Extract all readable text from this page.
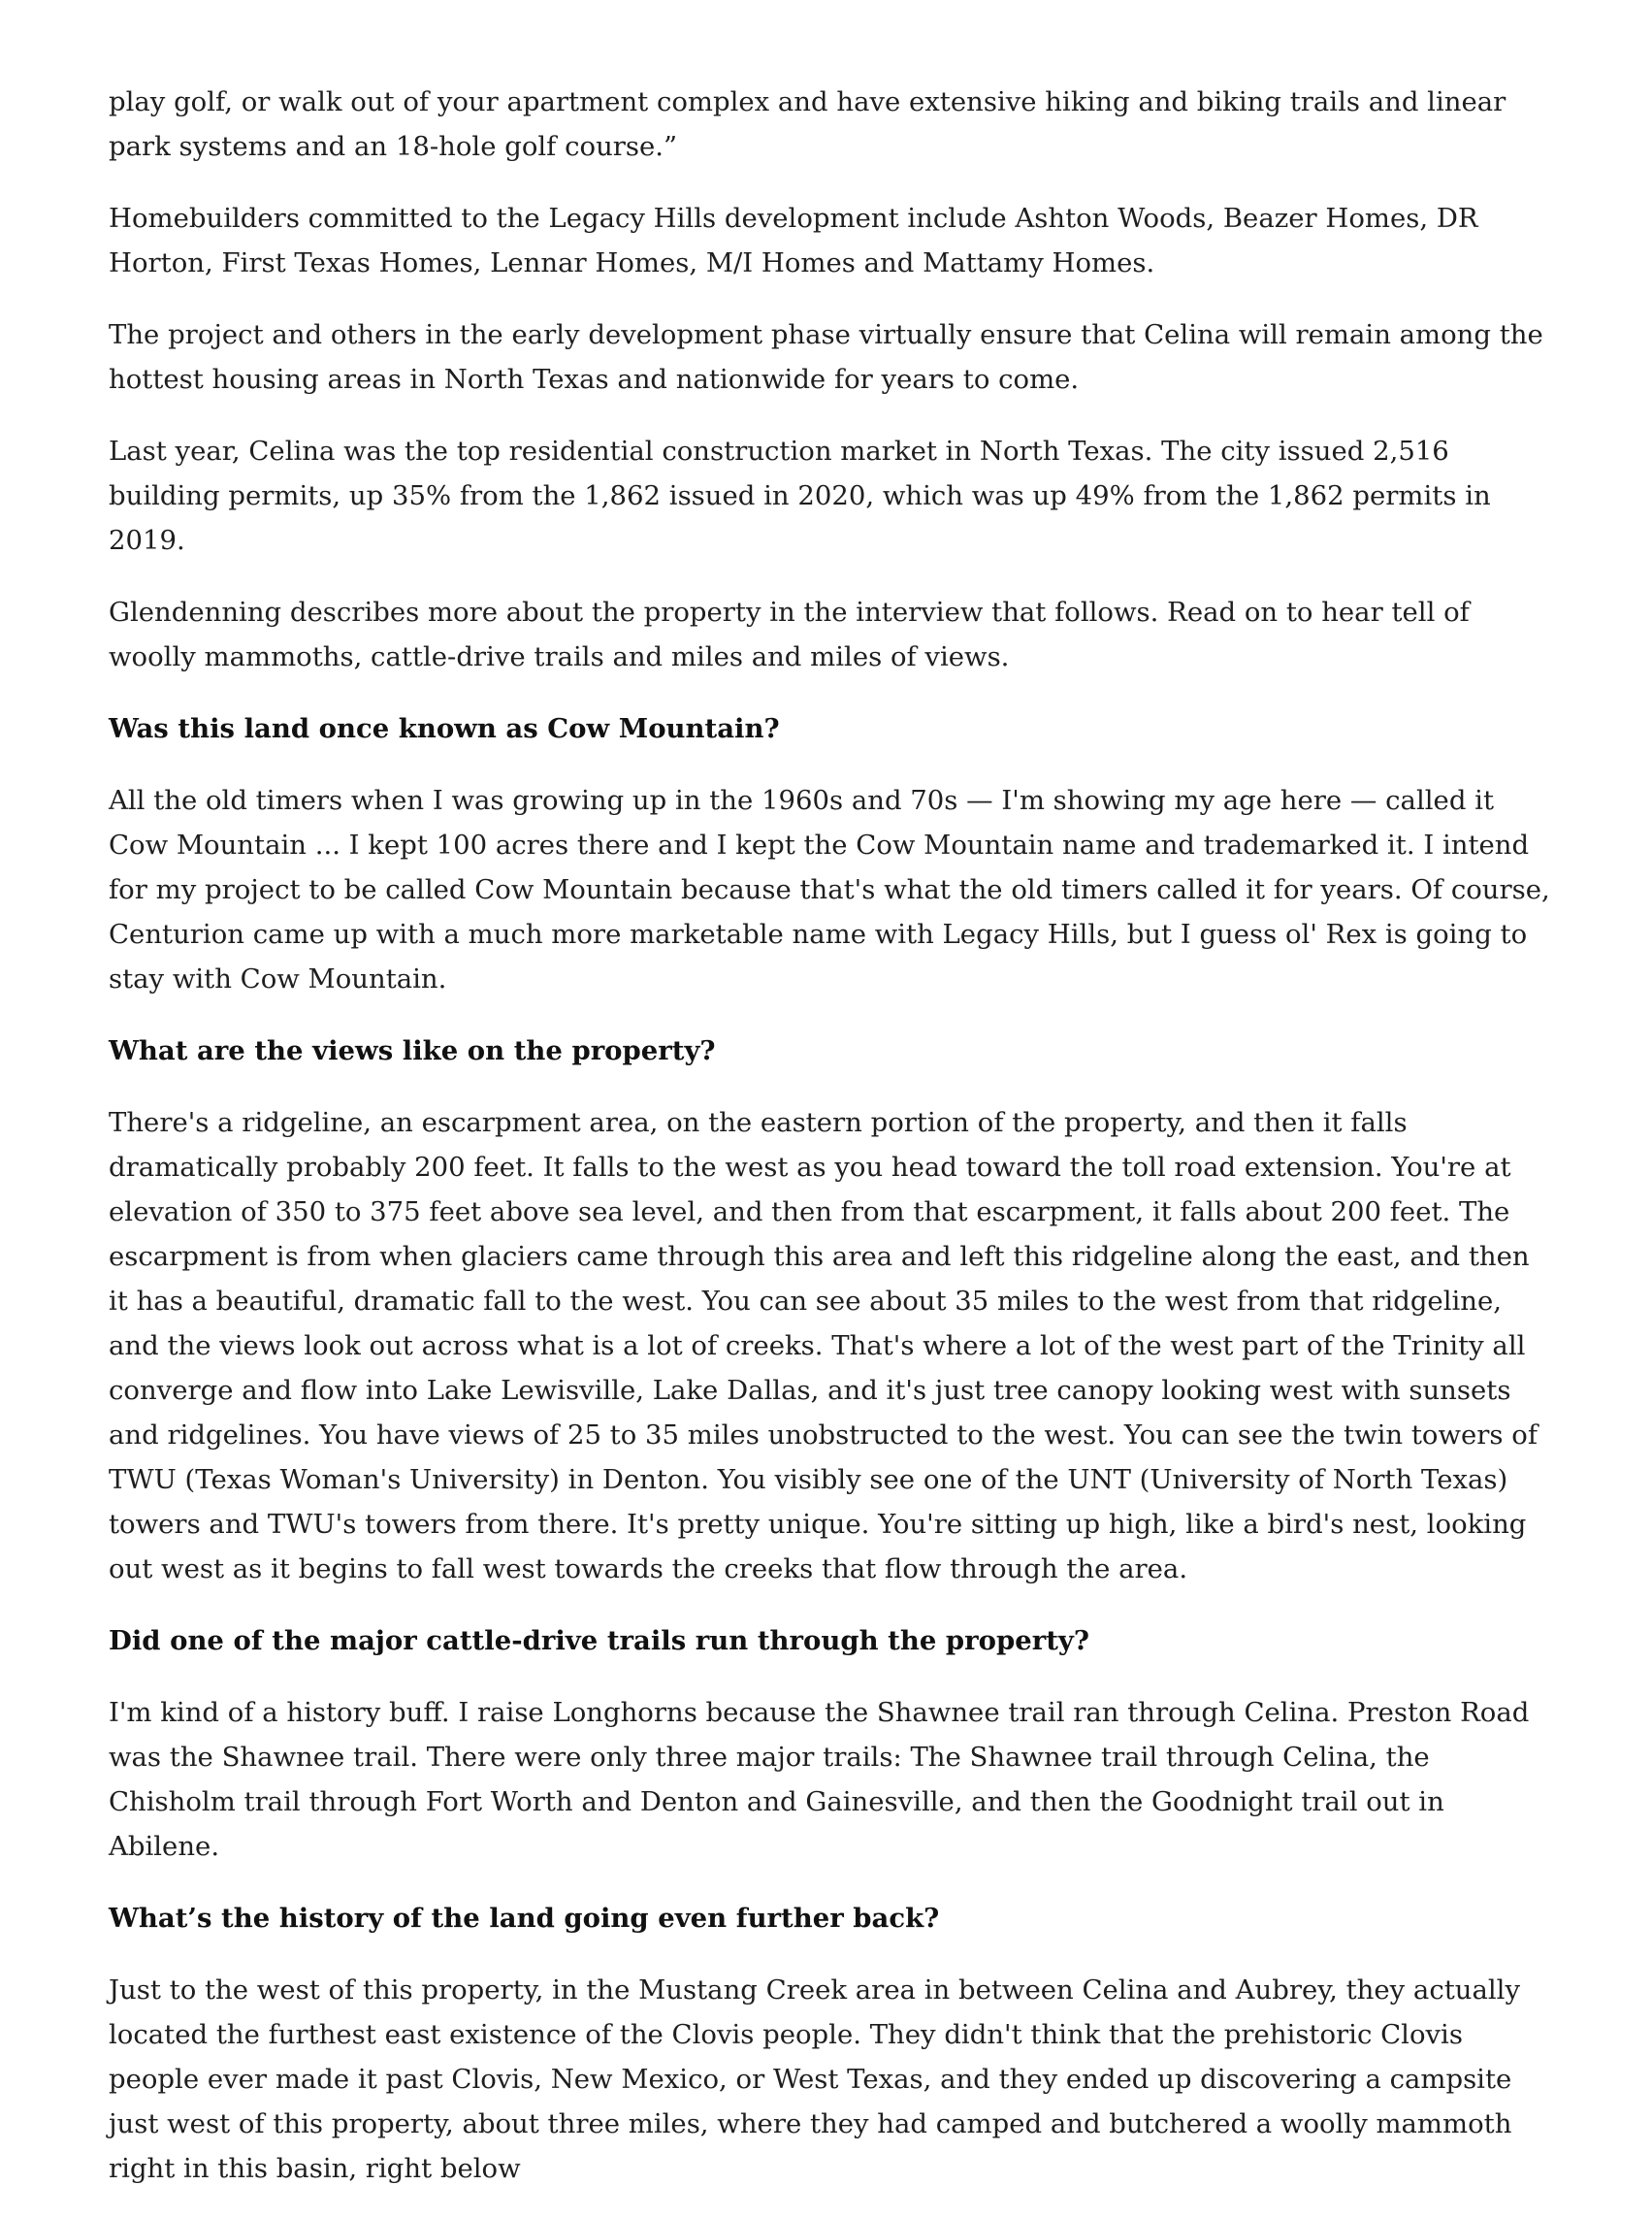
play golf, or walk out of your apartment complex and have extensive hiking and biking trails and linear park systems and an 18-hole golf course.”

Homebuilders committed to the Legacy Hills development include Ashton Woods, Beazer Homes, DR Horton, First Texas Homes, Lennar Homes, M/I Homes and Mattamy Homes.

The project and others in the early development phase virtually ensure that Celina will remain among the hottest housing areas in North Texas and nationwide for years to come.

Last year, Celina was the top residential construction market in North Texas. The city issued 2,516 building permits, up 35% from the 1,862 issued in 2020, which was up 49% from the 1,862 permits in 2019.

Glendenning describes more about the property in the interview that follows. Read on to hear tell of woolly mammoths, cattle-drive trails and miles and miles of views.

Was this land once known as Cow Mountain?

All the old timers when I was growing up in the 1960s and 70s — I'm showing my age here — called it Cow Mountain ... I kept 100 acres there and I kept the Cow Mountain name and trademarked it. I intend for my project to be called Cow Mountain because that's what the old timers called it for years. Of course, Centurion came up with a much more marketable name with Legacy Hills, but I guess ol' Rex is going to stay with Cow Mountain.

What are the views like on the property?

There's a ridgeline, an escarpment area, on the eastern portion of the property, and then it falls dramatically probably 200 feet. It falls to the west as you head toward the toll road extension. You're at elevation of 350 to 375 feet above sea level, and then from that escarpment, it falls about 200 feet. The escarpment is from when glaciers came through this area and left this ridgeline along the east, and then it has a beautiful, dramatic fall to the west. You can see about 35 miles to the west from that ridgeline, and the views look out across what is a lot of creeks. That's where a lot of the west part of the Trinity all converge and flow into Lake Lewisville, Lake Dallas, and it's just tree canopy looking west with sunsets and ridgelines. You have views of 25 to 35 miles unobstructed to the west. You can see the twin towers of TWU (Texas Woman's University) in Denton. You visibly see one of the UNT (University of North Texas) towers and TWU's towers from there. It's pretty unique. You're sitting up high, like a bird's nest, looking out west as it begins to fall west towards the creeks that flow through the area.

Did one of the major cattle-drive trails run through the property?

I'm kind of a history buff. I raise Longhorns because the Shawnee trail ran through Celina. Preston Road was the Shawnee trail. There were only three major trails: The Shawnee trail through Celina, the Chisholm trail through Fort Worth and Denton and Gainesville, and then the Goodnight trail out in Abilene.

What’s the history of the land going even further back?

Just to the west of this property, in the Mustang Creek area in between Celina and Aubrey, they actually located the furthest east existence of the Clovis people. They didn't think that the prehistoric Clovis people ever made it past Clovis, New Mexico, or West Texas, and they ended up discovering a campsite just west of this property, about three miles, where they had camped and butchered a woolly mammoth right in this basin, right below
